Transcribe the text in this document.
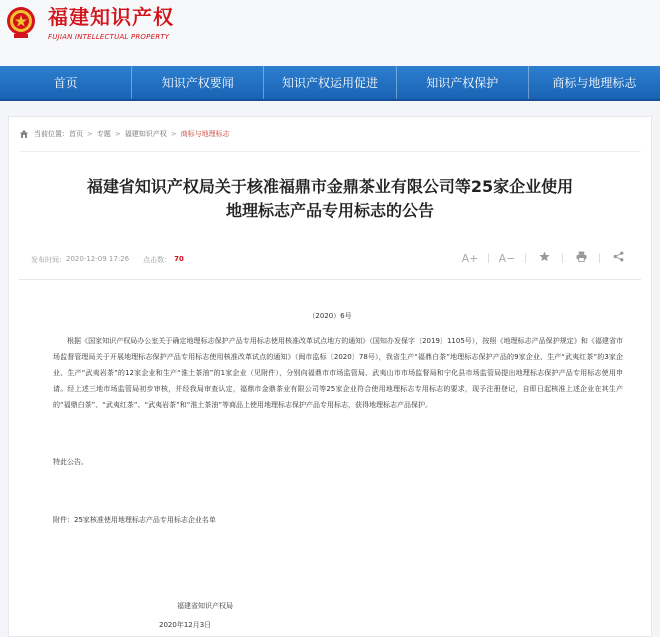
福建知识产权
FUJIAN INTELLECTUAL PROPERTY
首页	知识产权要闻	知识产权运用促进	知识产权保护	商标与地理标志
当前位置： 首页 > 专题 > 福建知识产权 > 商标与地理标志
福建省知识产权局关于核准福鼎市金鼎茶业有限公司等25家企业使用
地理标志产品专用标志的公告
发布时间： 2020-12-09 17:26 点击数： 70	A+	A−
（2020）6号
根据《国家知识产权局办公室关于确定地理标志保护产品专用标志使用核准改革试点地方的通知》（国知办发保字〔2019〕1105号），按照《地理标志产品保护规定》和《福建省市场监督管理局关于开展地理标志保护产品专用标志使用核准改革试点的通知》（闽市监标〔2020〕78号），我省生产“福鼎白茶”地理标志保护产品的9家企业、生产“武夷红茶”的3家企业、生产“武夷岩茶”的12家企业和生产“淮土茶油”的1家企业（见附件），分别向福鼎市市场监管局、武夷山市市场监督局和宁化县市场监管局提出地理标志保护产品专用标志使用申请。经上述三地市场监管局初步审核，并经我局审查认定，福鼎市金鼎茶业有限公司等25家企业符合使用地理标志专用标志的要求，现予注册登记，自即日起核准上述企业在其生产的“福鼎白茶”、“武夷红茶”、“武夷岩茶”和“淮土茶油”等商品上使用地理标志保护产品专用标志，获得地理标志产品保护。
特此公告。
附件：25家核准使用地理标志产品专用标志企业名单
福建省知识产权局
2020年12月3日
